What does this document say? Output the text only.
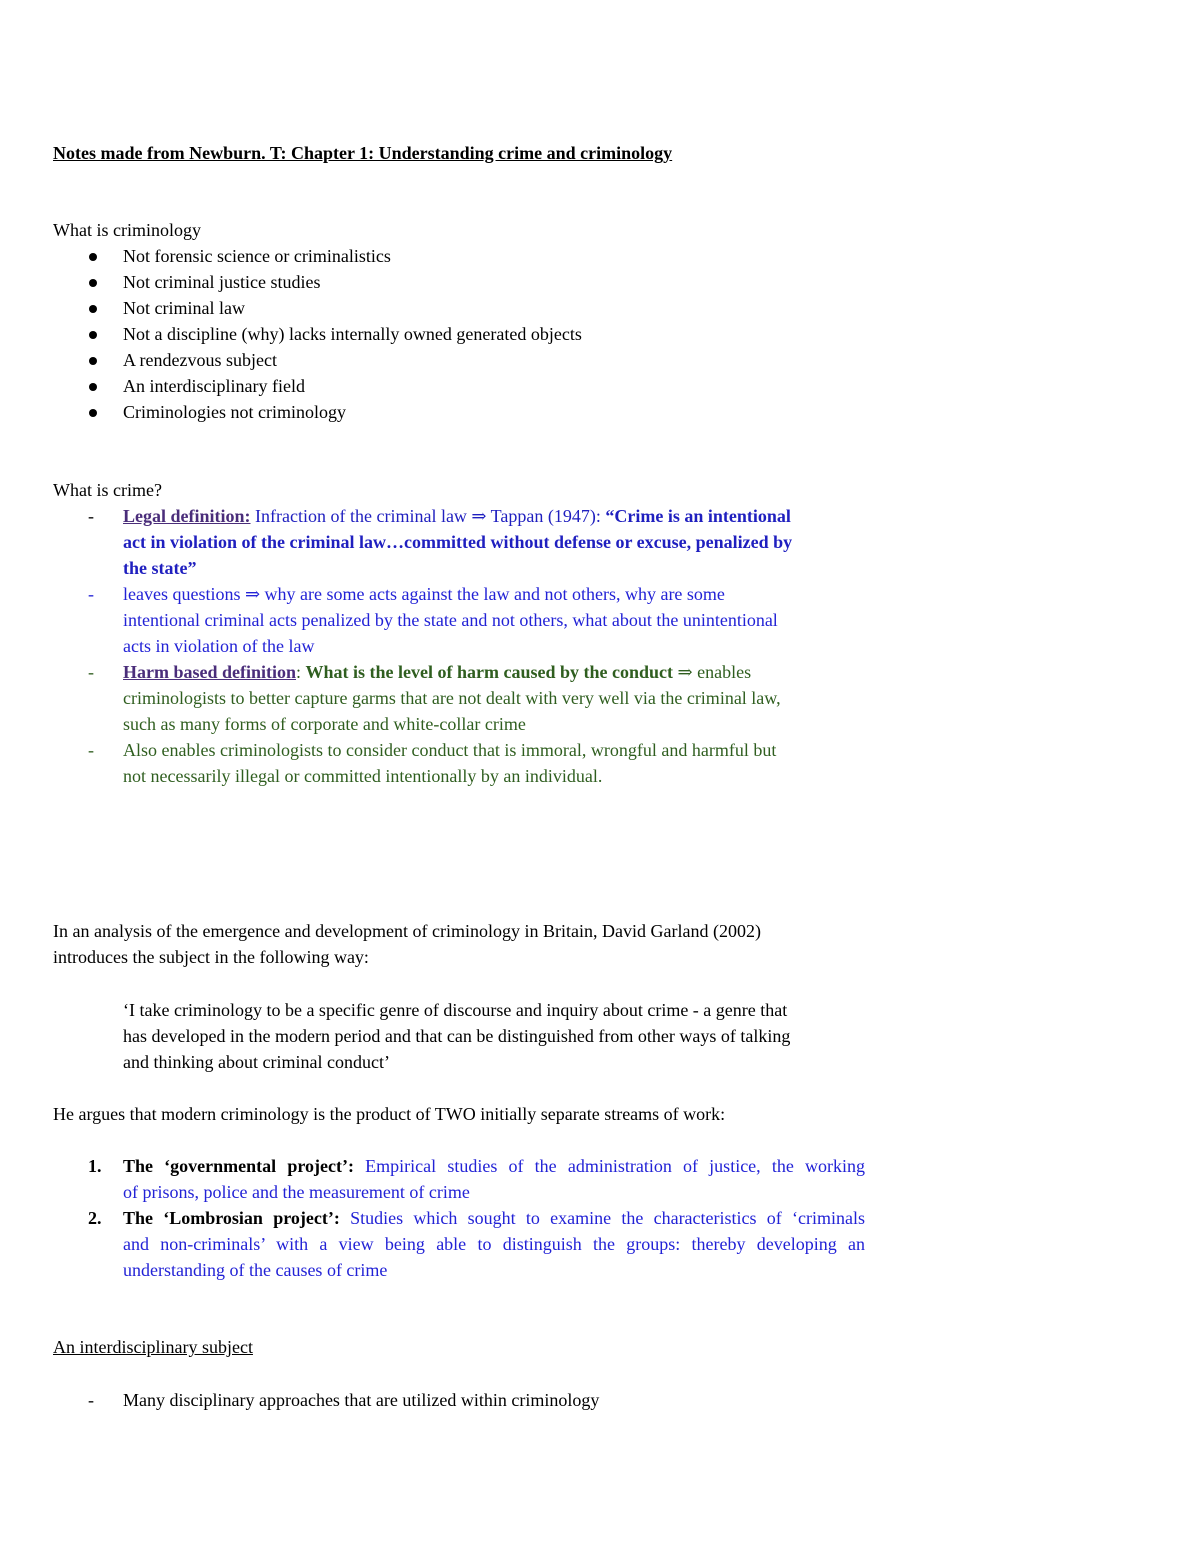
Notes made from Newburn. T: Chapter 1: Understanding crime and criminology
What is criminology
Not forensic science or criminalistics
Not criminal justice studies
Not criminal law
Not a discipline (why) lacks internally owned generated objects
A rendezvous subject
An interdisciplinary field
Criminologies not criminology
What is crime?
- Legal definition: Infraction of the criminal law ⇒ Tappan (1947): “Crime is an intentional
act in violation of the criminal law…committed without defense or excuse, penalized by
the state”
- leaves questions ⇒ why are some acts against the law and not others, why are some
intentional criminal acts penalized by the state and not others, what about the unintentional
acts in violation of the law
- Harm based definition: What is the level of harm caused by the conduct ⇒ enables
criminologists to better capture garms that are not dealt with very well via the criminal law,
such as many forms of corporate and white-collar crime
- Also enables criminologists to consider conduct that is immoral, wrongful and harmful but
not necessarily illegal or committed intentionally by an individual.
In an analysis of the emergence and development of criminology in Britain, David Garland (2002)
introduces the subject in the following way:
‘I take criminology to be a specific genre of discourse and inquiry about crime - a genre that
has developed in the modern period and that can be distinguished from other ways of talking
and thinking about criminal conduct’
He argues that modern criminology is the product of TWO initially separate streams of work:
1. The ‘governmental project’: Empirical studies of the administration of justice, the working
of prisons, police and the measurement of crime
2. The ‘Lombrosian project’: Studies which sought to examine the characteristics of ‘criminals
and non-criminals’ with a view being able to distinguish the groups: thereby developing an
understanding of the causes of crime
An interdisciplinary subject
- Many disciplinary approaches that are utilized within criminology
